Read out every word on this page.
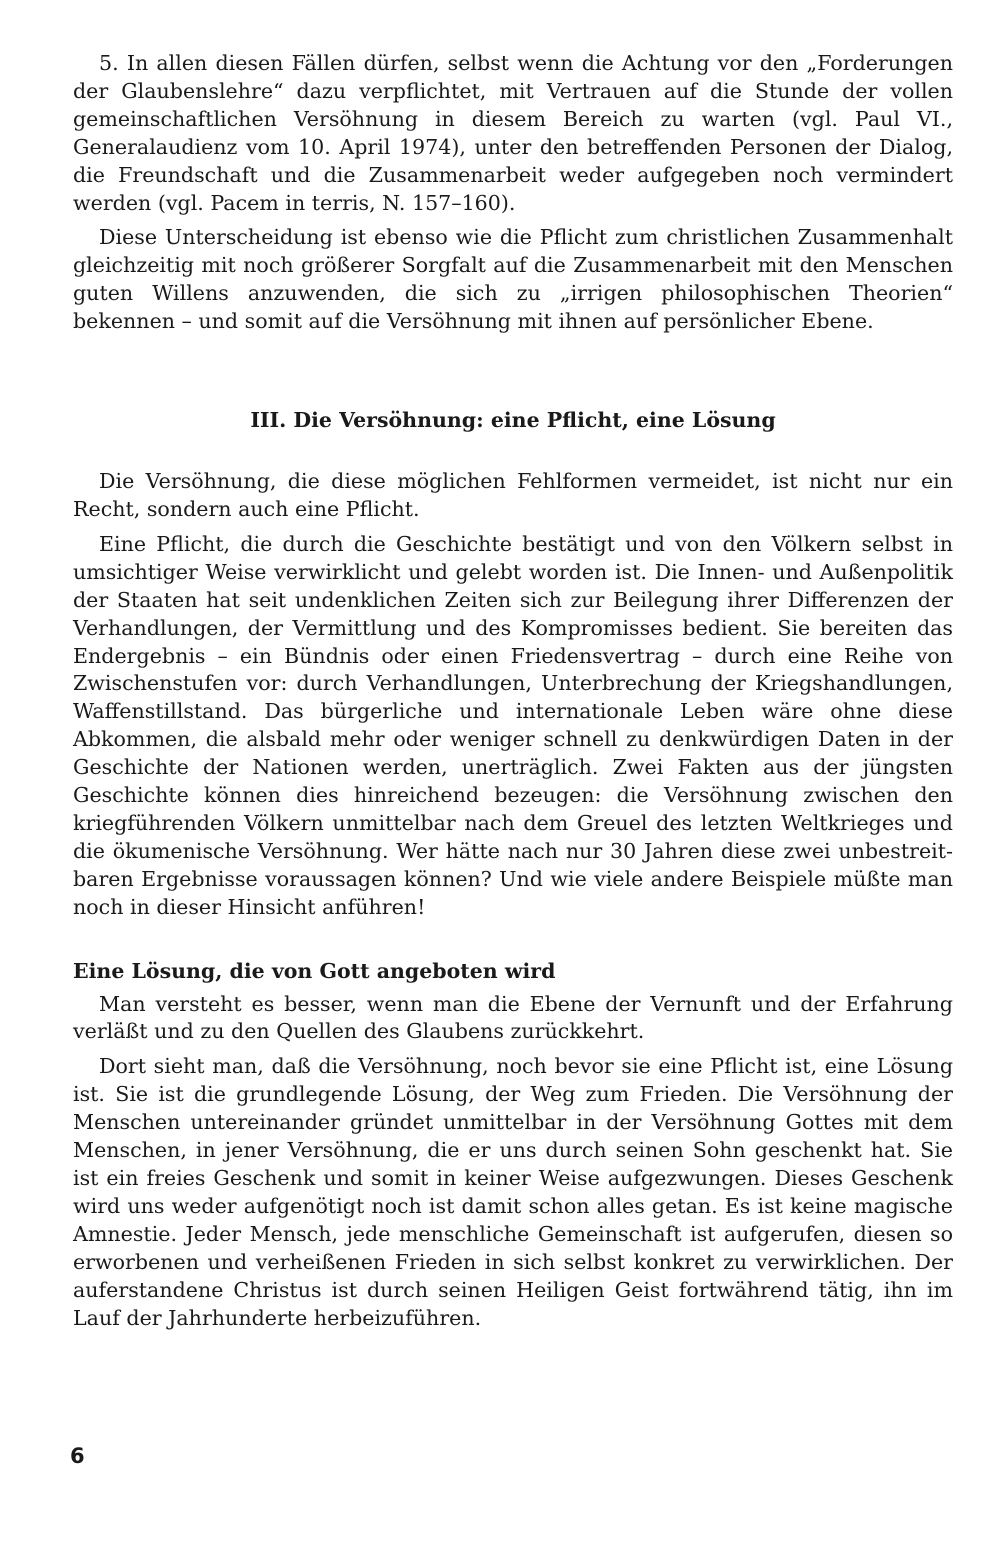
5. In allen diesen Fällen dürfen, selbst wenn die Achtung vor den „Forderungen der Glaubenslehre“ dazu verpflichtet, mit Vertrauen auf die Stunde der vollen gemeinschaftlichen Versöhnung in diesem Bereich zu warten (vgl. Paul VI., Generalaudienz vom 10. April 1974), unter den betreffenden Personen der Dialog, die Freundschaft und die Zusammenarbeit weder aufgegeben noch vermindert werden (vgl. Pacem in terris, N. 157–160).

Diese Unterscheidung ist ebenso wie die Pflicht zum christlichen Zusammenhalt gleichzeitig mit noch größerer Sorgfalt auf die Zusammenarbeit mit den Menschen guten Willens anzuwenden, die sich zu „irrigen philosophischen Theorien“ bekennen – und somit auf die Versöhnung mit ihnen auf persönlicher Ebene.

III. Die Versöhnung: eine Pflicht, eine Lösung

Die Versöhnung, die diese möglichen Fehlformen vermeidet, ist nicht nur ein Recht, sondern auch eine Pflicht.

Eine Pflicht, die durch die Geschichte bestätigt und von den Völkern selbst in umsichtiger Weise verwirklicht und gelebt worden ist. Die Innen- und Außenpolitik der Staaten hat seit undenklichen Zeiten sich zur Beilegung ihrer Differenzen der Verhandlungen, der Vermittlung und des Kompromisses bedient. Sie bereiten das Endergebnis – ein Bündnis oder einen Friedensvertrag – durch eine Reihe von Zwischenstufen vor: durch Verhandlungen, Unterbrechung der Kriegshandlungen, Waffenstillstand. Das bürgerliche und internationale Leben wäre ohne diese Abkommen, die alsbald mehr oder weniger schnell zu denkwürdigen Daten in der Geschichte der Nationen werden, unerträglich. Zwei Fakten aus der jüngsten Geschichte können dies hinreichend bezeugen: die Versöhnung zwischen den kriegführenden Völkern unmittelbar nach dem Greuel des letzten Weltkrieges und die ökumenische Versöhnung. Wer hätte nach nur 30 Jahren diese zwei unbestreitbaren Ergebnisse voraussagen können? Und wie viele andere Beispiele müßte man noch in dieser Hinsicht anführen!

Eine Lösung, die von Gott angeboten wird

Man versteht es besser, wenn man die Ebene der Vernunft und der Erfahrung verläßt und zu den Quellen des Glaubens zurückkehrt.

Dort sieht man, daß die Versöhnung, noch bevor sie eine Pflicht ist, eine Lösung ist. Sie ist die grundlegende Lösung, der Weg zum Frieden. Die Versöhnung der Menschen untereinander gründet unmittelbar in der Versöhnung Gottes mit dem Menschen, in jener Versöhnung, die er uns durch seinen Sohn geschenkt hat. Sie ist ein freies Geschenk und somit in keiner Weise aufgezwungen. Dieses Geschenk wird uns weder aufgenötigt noch ist damit schon alles getan. Es ist keine magische Amnestie. Jeder Mensch, jede menschliche Gemeinschaft ist aufgerufen, diesen so erworbenen und verheißenen Frieden in sich selbst konkret zu verwirklichen. Der auferstandene Christus ist durch seinen Heiligen Geist fortwährend tätig, ihn im Lauf der Jahrhunderte herbeizuführen.

6
